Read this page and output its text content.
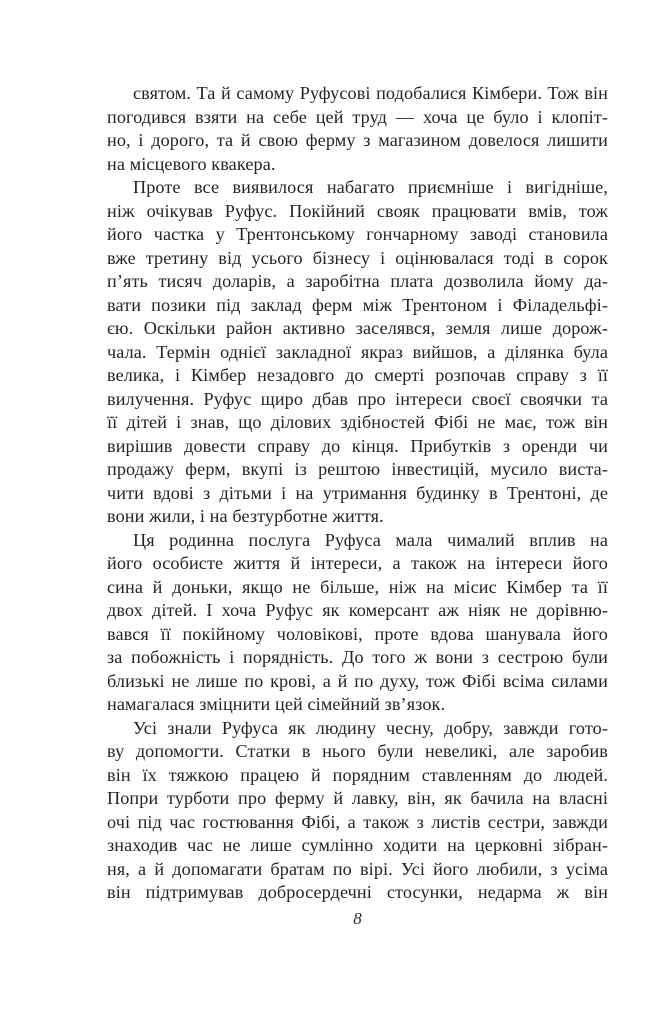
святом. Та й самому Руфусові подобалися Кімбери. Тож він
погодився взяти на себе цей труд — хоча це було і клопіт-
но, і дорого, та й свою ферму з магазином довелося лишити
на місцевого квакера.

Проте все виявилося набагато приємніше і вигідніше,
ніж очікував Руфус. Покійний свояк працювати вмів, тож
його частка у Трентонському гончарному заводі становила
вже третину від усього бізнесу і оцінювалася тоді в сорок
п’ять тисяч доларів, а заробітна плата дозволила йому да-
вати позики під заклад ферм між Трентоном і Філадельфі-
єю. Оскільки район активно заселявся, земля лише дорож-
чала. Термін однієї закладної якраз вийшов, а ділянка була
велика, і Кімбер незадовго до смерті розпочав справу з її
вилучення. Руфус щиро дбав про інтереси своєї своячки та
її дітей і знав, що ділових здібностей Фібі не має, тож він
вирішив довести справу до кінця. Прибутків з оренди чи
продажу ферм, вкупі із рештою інвестицій, мусило виста-
чити вдові з дітьми і на утримання будинку в Трентоні, де
вони жили, і на безтурботне життя.

Ця родинна послуга Руфуса мала чималий вплив на
його особисте життя й інтереси, а також на інтереси його
сина й доньки, якщо не більше, ніж на місис Кімбер та її
двох дітей. І хоча Руфус як комерсант аж ніяк не дорівню-
вався її покійному чоловікові, проте вдова шанувала його
за побожність і порядність. До того ж вони з сестрою були
близькі не лише по крові, а й по духу, тож Фібі всіма силами
намагалася зміцнити цей сімейний зв’язок.

Усі знали Руфуса як людину чесну, добру, завжди гото-
ву допомогти. Статки в нього були невеликі, але заробив
він їх тяжкою працею й порядним ставленням до людей.
Попри турботи про ферму й лавку, він, як бачила на власні
очі під час гостювання Фібі, а також з листів сестри, завжди
знаходив час не лише сумлінно ходити на церковні зібран-
ня, а й допомагати братам по вірі. Усі його любили, з усіма
він підтримував добросердечні стосунки, недарма ж він

8
